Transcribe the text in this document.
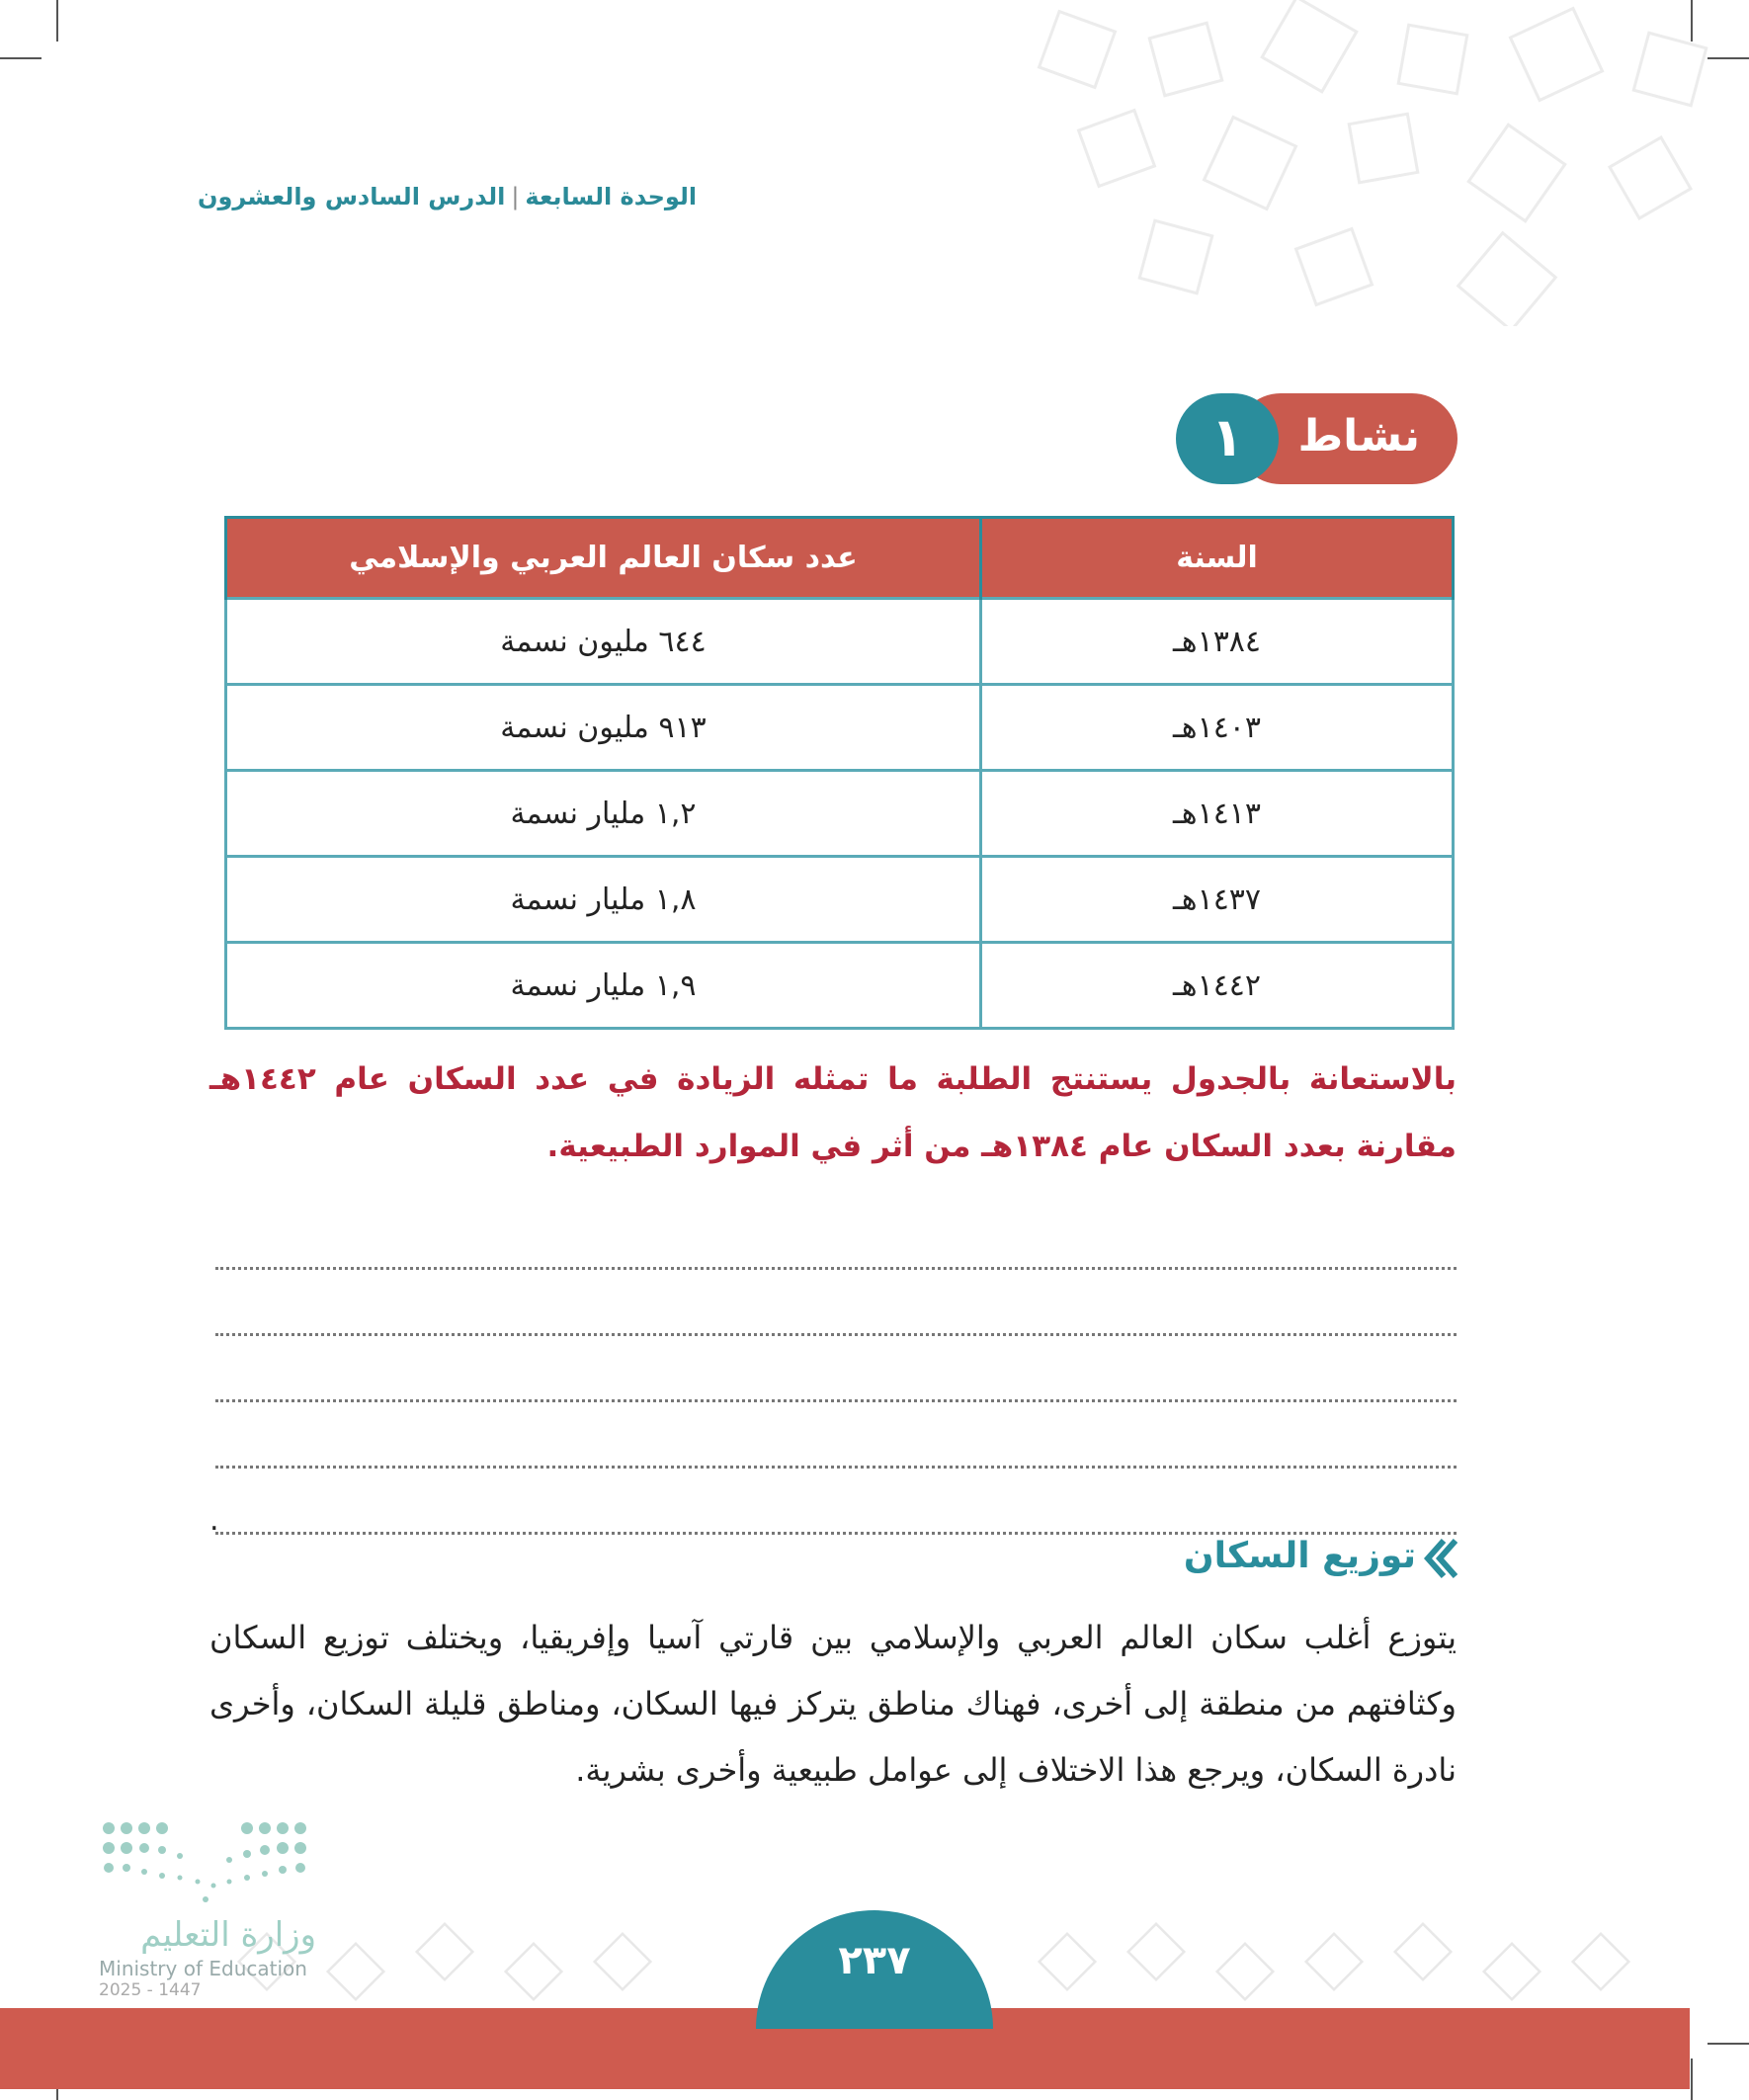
الوحدة السابعة|الدرس السادس والعشرون
نشاط
١
السنة	عدد سكان العالم العربي والإسلامي
١٣٨٤هـ	٦٤٤ مليون نسمة
١٤٠٣هـ	٩١٣ مليون نسمة
١٤١٣هـ	١,٢ مليار نسمة
١٤٣٧هـ	١,٨ مليار نسمة
١٤٤٢هـ	١,٩ مليار نسمة
بالاستعانة بالجدول يستنتج الطلبة ما تمثله الزيادة في عدد السكان عام ١٤٤٢هـ مقارنة بعدد السكان عام ١٣٨٤هـ من أثر في الموارد الطبيعية.
.
توزيع السكان
يتوزع أغلب سكان العالم العربي والإسلامي بين قارتي آسيا وإفريقيا، ويختلف توزيع السكان وكثافتهم من منطقة إلى أخرى، فهناك مناطق يتركز فيها السكان، ومناطق قليلة السكان، وأخرى نادرة السكان، ويرجع هذا الاختلاف إلى عوامل طبيعية وأخرى بشرية.
وزارة التعليم
Ministry of Education
2025 - 1447
٢٣٧
